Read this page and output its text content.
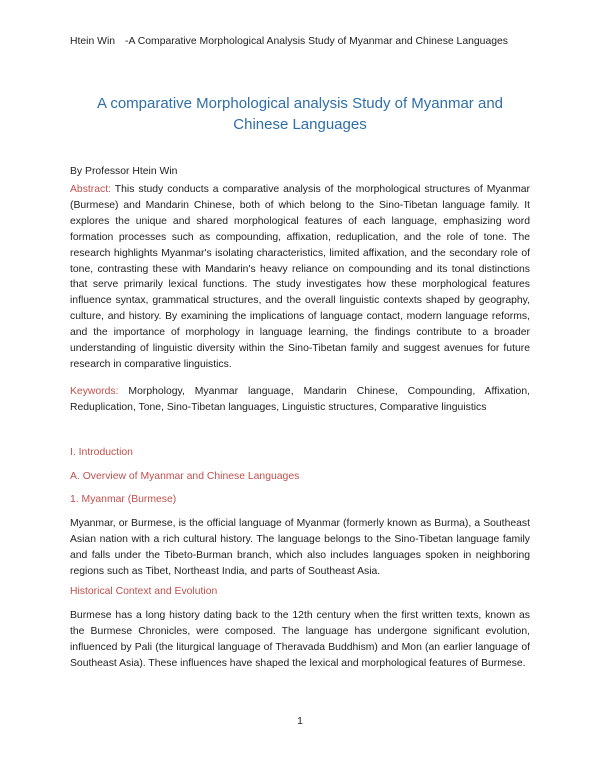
Htein Win -A Comparative Morphological Analysis Study of Myanmar and Chinese Languages
A comparative Morphological analysis Study of Myanmar and Chinese Languages
By Professor Htein Win
Abstract: This study conducts a comparative analysis of the morphological structures of Myanmar (Burmese) and Mandarin Chinese, both of which belong to the Sino-Tibetan language family. It explores the unique and shared morphological features of each language, emphasizing word formation processes such as compounding, affixation, reduplication, and the role of tone. The research highlights Myanmar's isolating characteristics, limited affixation, and the secondary role of tone, contrasting these with Mandarin's heavy reliance on compounding and its tonal distinctions that serve primarily lexical functions. The study investigates how these morphological features influence syntax, grammatical structures, and the overall linguistic contexts shaped by geography, culture, and history. By examining the implications of language contact, modern language reforms, and the importance of morphology in language learning, the findings contribute to a broader understanding of linguistic diversity within the Sino-Tibetan family and suggest avenues for future research in comparative linguistics.
Keywords: Morphology, Myanmar language, Mandarin Chinese, Compounding, Affixation, Reduplication, Tone, Sino-Tibetan languages, Linguistic structures, Comparative linguistics
I. Introduction
A. Overview of Myanmar and Chinese Languages
1. Myanmar (Burmese)
Myanmar, or Burmese, is the official language of Myanmar (formerly known as Burma), a Southeast Asian nation with a rich cultural history. The language belongs to the Sino-Tibetan language family and falls under the Tibeto-Burman branch, which also includes languages spoken in neighboring regions such as Tibet, Northeast India, and parts of Southeast Asia.
Historical Context and Evolution
Burmese has a long history dating back to the 12th century when the first written texts, known as the Burmese Chronicles, were composed. The language has undergone significant evolution, influenced by Pali (the liturgical language of Theravada Buddhism) and Mon (an earlier language of Southeast Asia). These influences have shaped the lexical and morphological features of Burmese.
1
